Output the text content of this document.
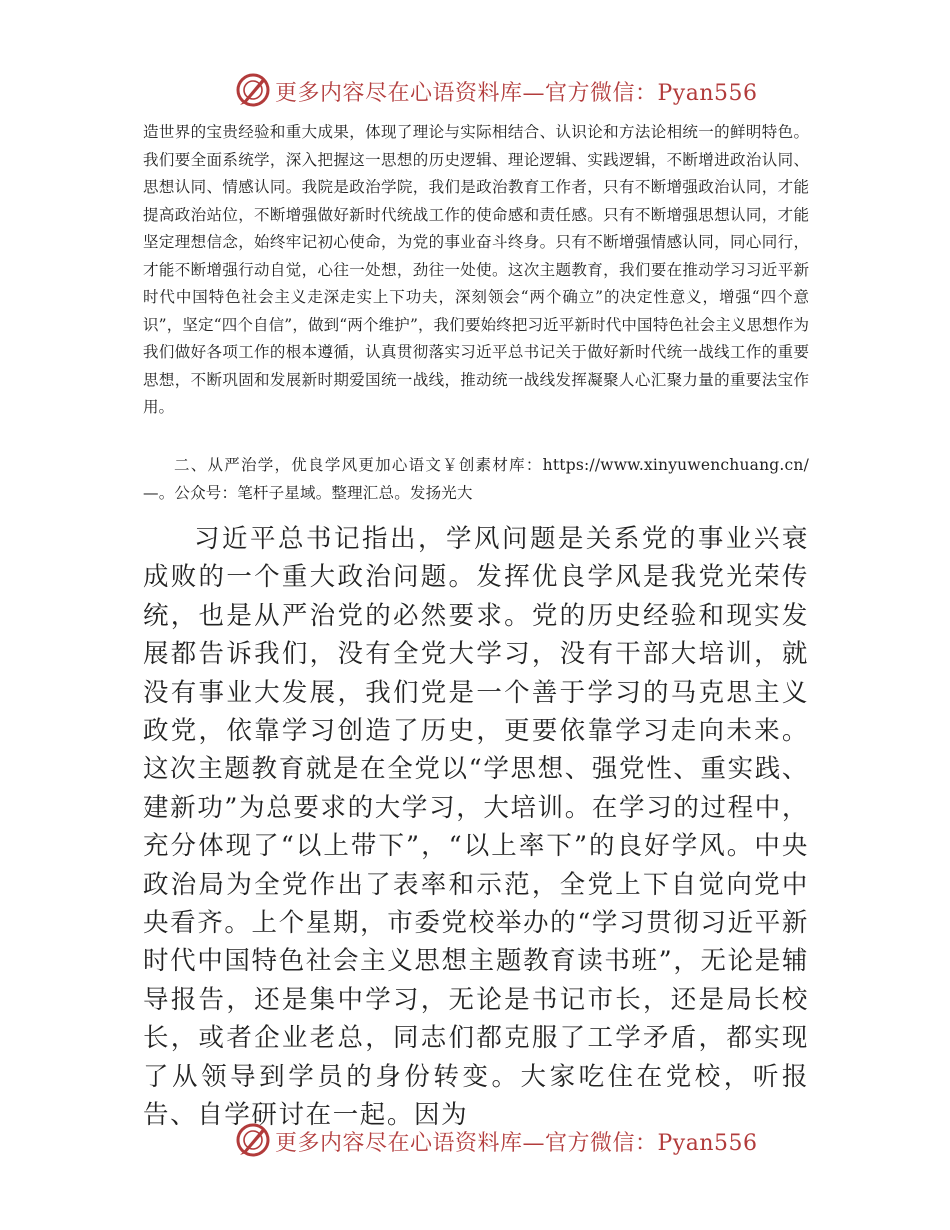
更多内容尽在心语资料库—官方微信：Pyan556

造世界的宝贵经验和重大成果，体现了理论与实际相结合、认识论和方法论相统一的鲜明特色。我们要全面系统学，深入把握这一思想的历史逻辑、理论逻辑、实践逻辑，不断增进政治认同、思想认同、情感认同。我院是政治学院，我们是政治教育工作者，只有不断增强政治认同，才能提高政治站位，不断增强做好新时代统战工作的使命感和责任感。只有不断增强思想认同，才能坚定理想信念，始终牢记初心使命，为党的事业奋斗终身。只有不断增强情感认同，同心同行，才能不断增强行动自觉，心往一处想，劲往一处使。这次主题教育，我们要在推动学习习近平新时代中国特色社会主义走深走实上下功夫，深刻领会“两个确立”的决定性意义，增强“四个意识”，坚定“四个自信”，做到“两个维护”，我们要始终把习近平新时代中国特色社会主义思想作为我们做好各项工作的根本遵循，认真贯彻落实习近平总书记关于做好新时代统一战线工作的重要思想，不断巩固和发展新时期爱国统一战线，推动统一战线发挥凝聚人心汇聚力量的重要法宝作用。

二、从严治学，优良学风更加心语文￥创素材库：https://www.xinyuwenchuang.cn/—。公众号：笔杆子星域。整理汇总。发扬光大

习近平总书记指出，学风问题是关系党的事业兴衰成败的一个重大政治问题。发挥优良学风是我党光荣传统，也是从严治党的必然要求。党的历史经验和现实发展都告诉我们，没有全党大学习，没有干部大培训，就没有事业大发展，我们党是一个善于学习的马克思主义政党，依靠学习创造了历史，更要依靠学习走向未来。这次主题教育就是在全党以“学思想、强党性、重实践、建新功”为总要求的大学习，大培训。在学习的过程中，充分体现了“以上带下”，“以上率下”的良好学风。中央政治局为全党作出了表率和示范，全党上下自觉向党中央看齐。上个星期，市委党校举办的“学习贯彻习近平新时代中国特色社会主义思想主题教育读书班”，无论是辅导报告，还是集中学习，无论是书记市长，还是局长校长，或者企业老总，同志们都克服了工学矛盾，都实现了从领导到学员的身份转变。大家吃住在党校，听报告、自学研讨在一起。因为

更多内容尽在心语资料库—官方微信：Pyan556
